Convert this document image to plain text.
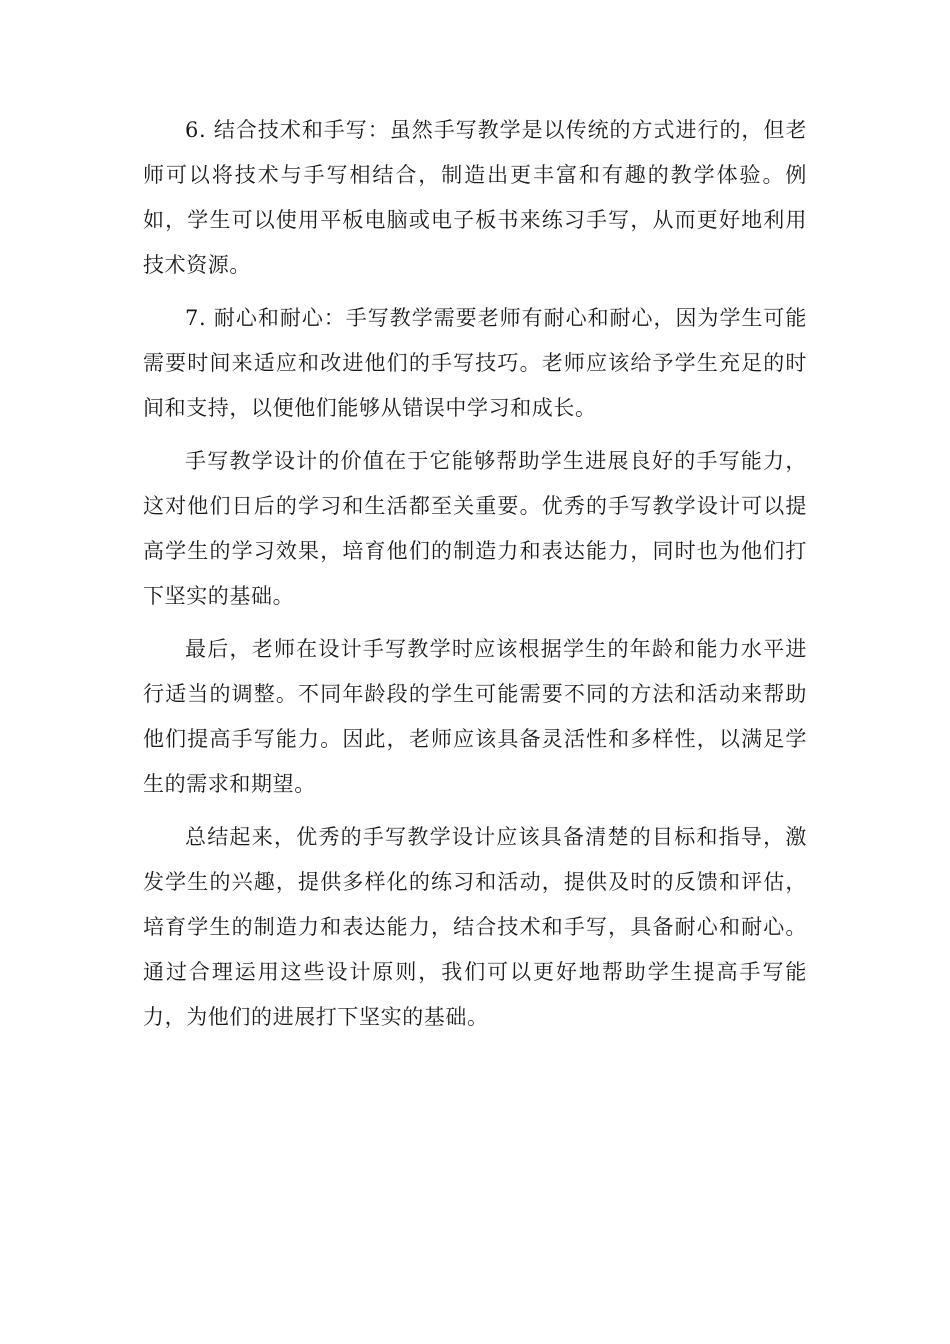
6. 结合技术和手写：虽然手写教学是以传统的方式进行的，但老师可以将技术与手写相结合，制造出更丰富和有趣的教学体验。例如，学生可以使用平板电脑或电子板书来练习手写，从而更好地利用技术资源。

7. 耐心和耐心：手写教学需要老师有耐心和耐心，因为学生可能需要时间来适应和改进他们的手写技巧。老师应该给予学生充足的时间和支持，以便他们能够从错误中学习和成长。

手写教学设计的价值在于它能够帮助学生进展良好的手写能力，这对他们日后的学习和生活都至关重要。优秀的手写教学设计可以提高学生的学习效果，培育他们的制造力和表达能力，同时也为他们打下坚实的基础。

最后，老师在设计手写教学时应该根据学生的年龄和能力水平进行适当的调整。不同年龄段的学生可能需要不同的方法和活动来帮助他们提高手写能力。因此，老师应该具备灵活性和多样性，以满足学生的需求和期望。

总结起来，优秀的手写教学设计应该具备清楚的目标和指导，激发学生的兴趣，提供多样化的练习和活动，提供及时的反馈和评估，培育学生的制造力和表达能力，结合技术和手写，具备耐心和耐心。通过合理运用这些设计原则，我们可以更好地帮助学生提高手写能力，为他们的进展打下坚实的基础。
